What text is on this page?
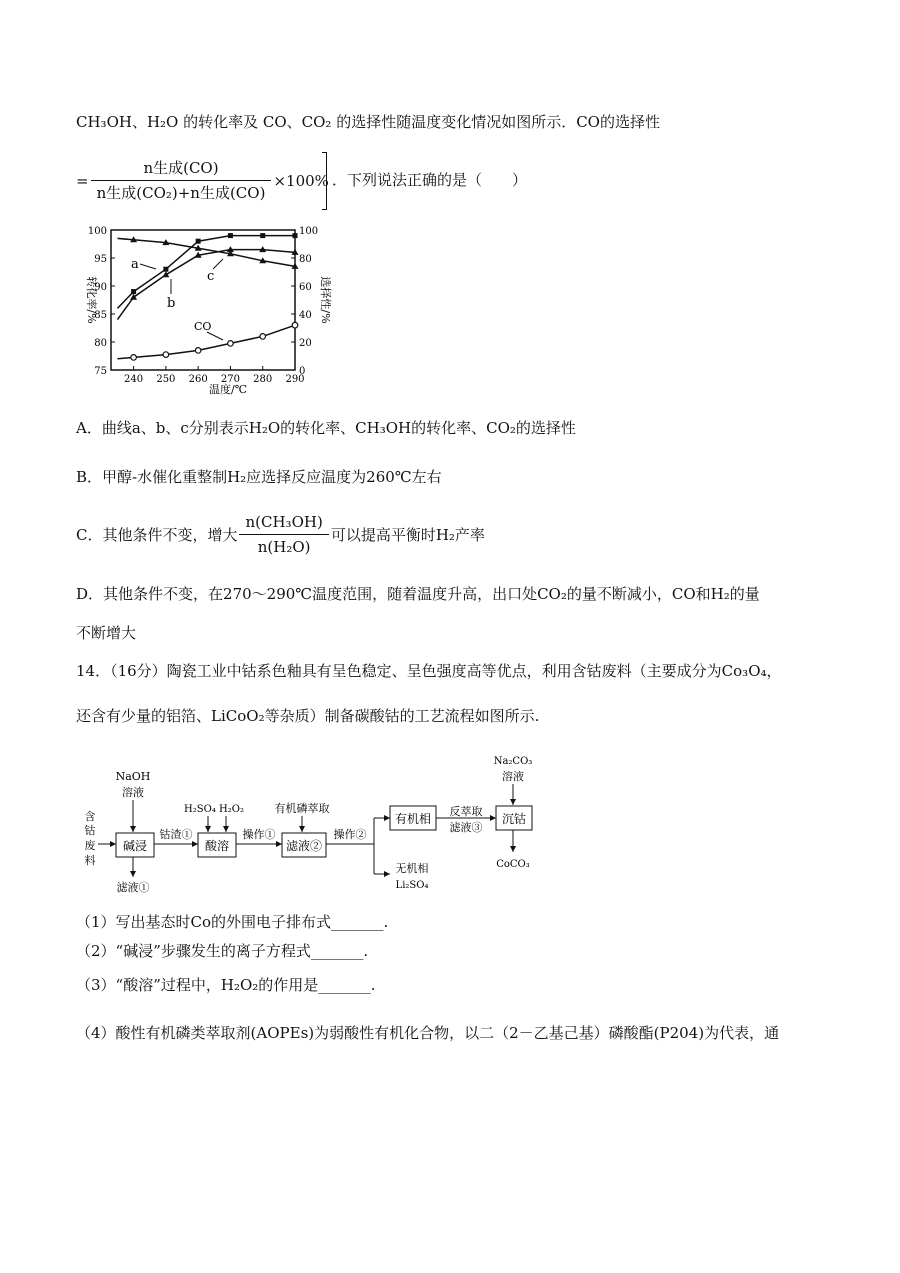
CH₃OH、H₂O 的转化率及 CO、CO₂ 的选择性随温度变化情况如图所示．CO的选择性
= $\frac{\text{n生成(CO)}}{\text{n生成(CO₂)+n生成(CO)}} \times 100\%$ ．下列说法正确的是（　　）
240 250 260 270 280 290
75
80
85
90
95
100
0
20
40
60
80
100
转化率/%	选择性/%
温度/℃
a
b
c
CO
A．曲线a、b、c分别表示H₂O的转化率、CH₃OH的转化率、CO₂的选择性
B．甲醇-水催化重整制H₂应选择反应温度为260℃左右
C．其他条件不变，增大 $\frac{\text{n(CH₃OH)}}{\text{n(H₂O)}}$ 可以提高平衡时H₂产率
D．其他条件不变，在270～290℃温度范围，随着温度升高，出口处CO₂的量不断减小，CO和H₂的量
不断增大
14．（16分）陶瓷工业中钴系色釉具有呈色稳定、呈色强度高等优点，利用含钴废料（主要成分为Co₃O₄，
还含有少量的铝箔、LiCoO₂等杂质）制备碳酸钴的工艺流程如图所示.
含
钴
废
料
NaOH
溶液
碱浸
滤液①
钴渣①
H₂SO₄ H₂O₂
酸溶
操作①
有机磷萃取
滤液②
操作②
有机相
无机相
Li₂SO₄
反萃取
滤液③
Na₂CO₃
溶液
沉钴
CoCO₃
（1）写出基态时Co的外围电子排布式_______.
（2）“碱浸”步骤发生的离子方程式_______.
（3）“酸溶”过程中，H₂O₂的作用是_______.
（4）酸性有机磷类萃取剂(AOPEs)为弱酸性有机化合物，以二（2－乙基己基）磷酸酯(P204)为代表，通
